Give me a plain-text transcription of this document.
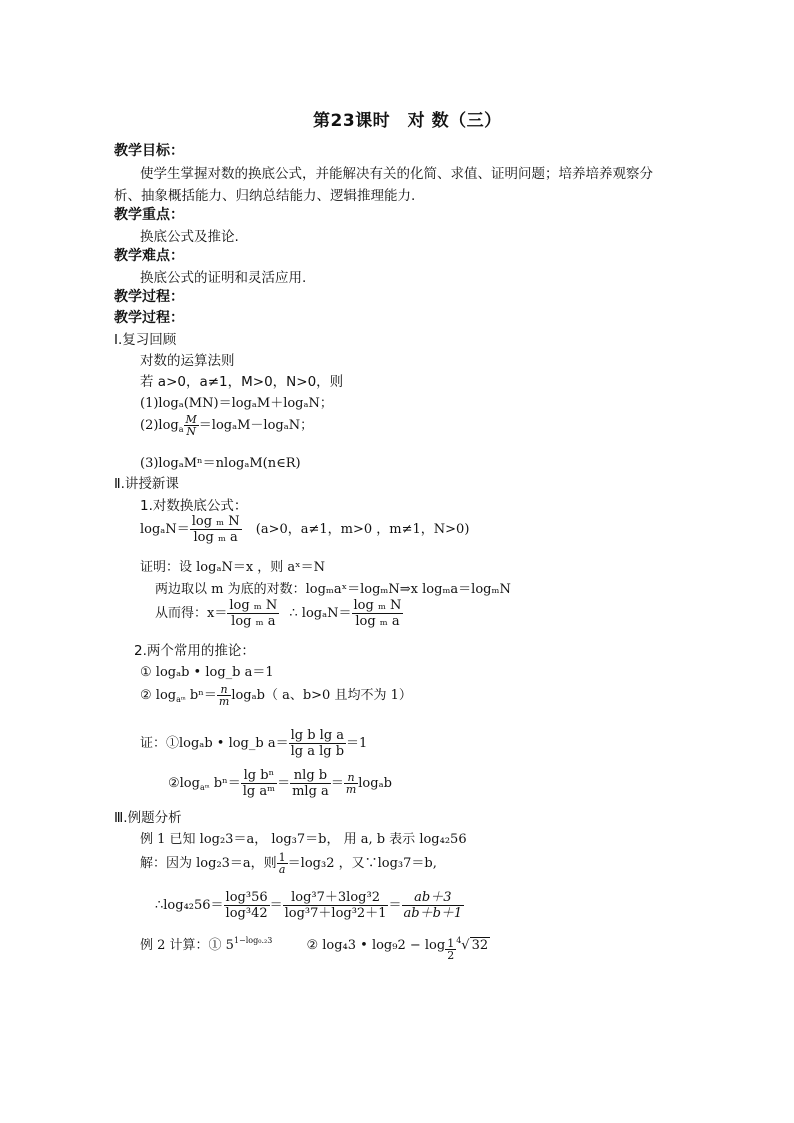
第23课时　对 数（三）
教学目标：
使学生掌握对数的换底公式，并能解决有关的化简、求值、证明问题；培养培养观察分
析、抽象概括能力、归纳总结能力、逻辑推理能力.
教学重点：
换底公式及推论.
教学难点：
换底公式的证明和灵活应用.
教学过程：
教学过程：
Ⅰ.复习回顾
对数的运算法则
若 a>0，a≠1，M>0，N>0，则
(1)logₐ(MN)＝logₐM＋logₐN；
$(2)\log_a \frac{M}{N} =\log_aM-\log_aN$；
(3)logₐMⁿ＝nlogₐM(n∈R)
Ⅱ.讲授新课
1.对数换底公式：
$\log_aN= \frac{\text{log ₘ N}}{\text{log ₘ a}} (a>0$，a≠1，m>0 ，m≠1，N>0)
证明：设 logₐN＝x ，则 aˣ＝N
两边取以 m 为底的对数：logₘaˣ＝logₘN⇒x logₘa＝logₘN
从而得：$x= \frac{\text{log ₘ N}}{\text{log ₘ a}}$ ∴ $\log_aN= \frac{\text{log ₘ N}}{\text{log ₘ a}}$
2.两个常用的推论：
① logₐb • log_b a＝1
② $\log_{aᵐ} b^n= \frac{n}{m} \log_ab$（ a、b>0 且均不为 1）
证：①logₐb • log_b $a= \frac{\text{lg b lg a}}{\text{lg a lg b}} =1$
$②\log_{aᵐ}$ $b^n= \frac{\text{lg bⁿ}}{\text{lg aᵐ}} = \frac{\text{nlg b}}{\text{mlg a}} = \frac{n}{m}$ logₐb
Ⅲ.例题分析
例 1 已知 log₂3＝a， log₃7＝b， 用 a, b 表示 log₄₂56
解：因为 log₂3＝a，则 $\frac{1}{a} =\log_32$ ，又∵log₃7＝b,
∴log₄₂56＝ $\frac{\text{log³56}}{\text{log³42}} = \frac{\text{log³7＋3log³2}}{\text{log³7＋log³2＋1}} = \frac{ab+3}{ab+b+1}$
例 2 计算：① $5^{1-log_0._23}$	② log₄3 • $\log_92 - \log \frac{1}{2} ^4√$ 32
